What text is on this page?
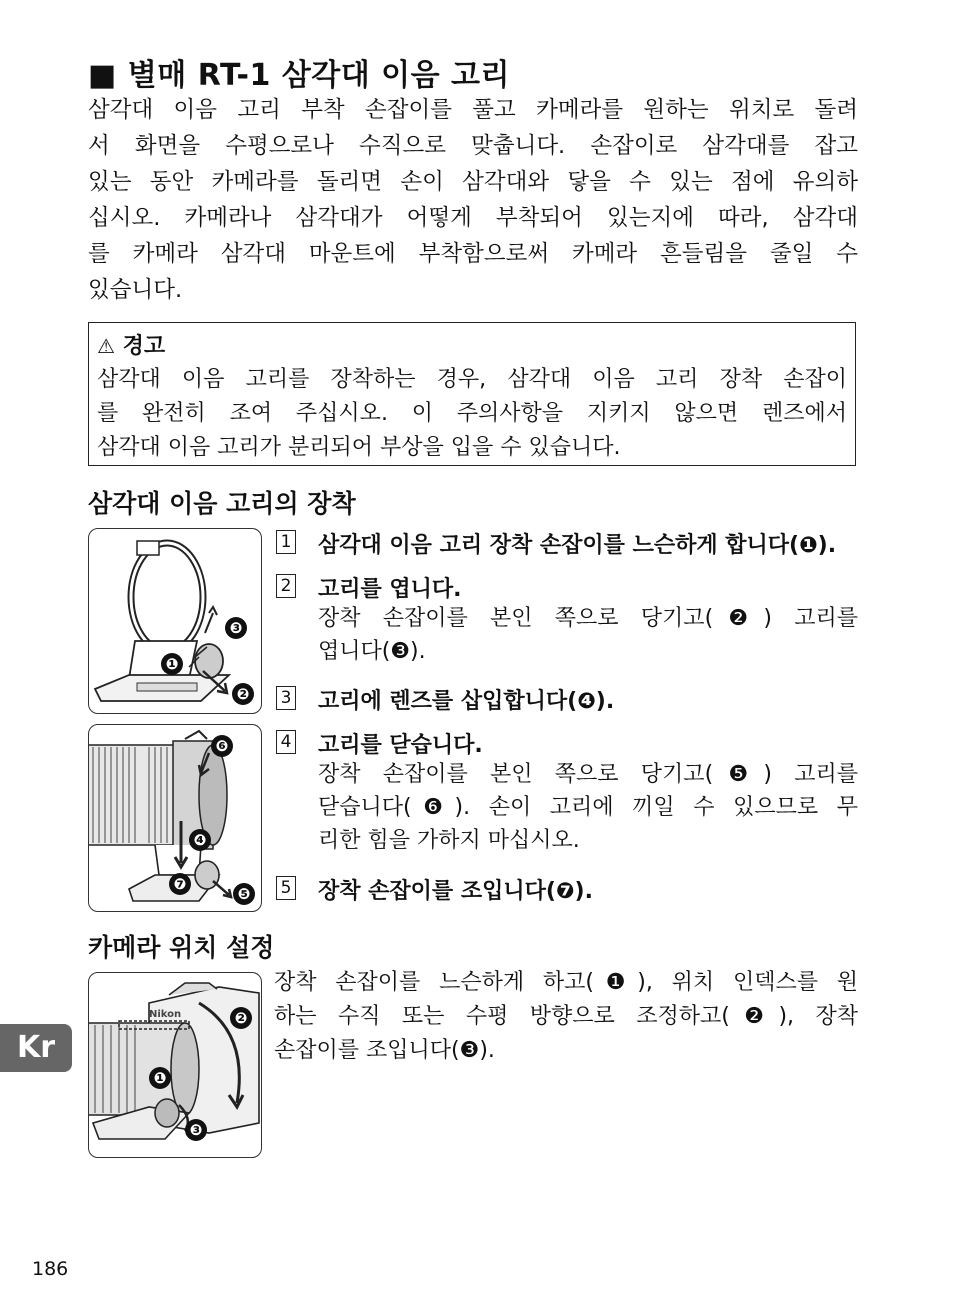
■ 별매 RT-1 삼각대 이음 고리
삼각대 이음 고리 부착 손잡이를 풀고 카메라를 원하는 위치로 돌려
서 화면을 수평으로나 수직으로 맞춥니다. 손잡이로 삼각대를 잡고
있는 동안 카메라를 돌리면 손이 삼각대와 닿을 수 있는 점에 유의하
십시오. 카메라나 삼각대가 어떻게 부착되어 있는지에 따라, 삼각대
를 카메라 삼각대 마운트에 부착함으로써 카메라 흔들림을 줄일 수
있습니다.
⚠ 경고
삼각대 이음 고리를 장착하는 경우, 삼각대 이음 고리 장착 손잡이
를 완전히 조여 주십시오. 이 주의사항을 지키지 않으면 렌즈에서
삼각대 이음 고리가 분리되어 부상을 입을 수 있습니다.
삼각대 이음 고리의 장착
❸
❶
❷
❻
❹
❼
❺
1 삼각대 이음 고리 장착 손잡이를 느슨하게 합니다(❶).
2 고리를 엽니다.
장착 손잡이를 본인 쪽으로 당기고(❷) 고리를
엽니다(❸).
3 고리에 렌즈를 삽입합니다(❹).
4 고리를 닫습니다.
장착 손잡이를 본인 쪽으로 당기고(❺) 고리를
닫습니다(❻). 손이 고리에 끼일 수 있으므로 무
리한 힘을 가하지 마십시오.
5 장착 손잡이를 조입니다(❼).
카메라 위치 설정
Nikon	❷
❶
❸
장착 손잡이를 느슨하게 하고(❶), 위치 인덱스를 원
하는 수직 또는 수평 방향으로 조정하고(❷), 장착
손잡이를 조입니다(❸).
Kr
186
